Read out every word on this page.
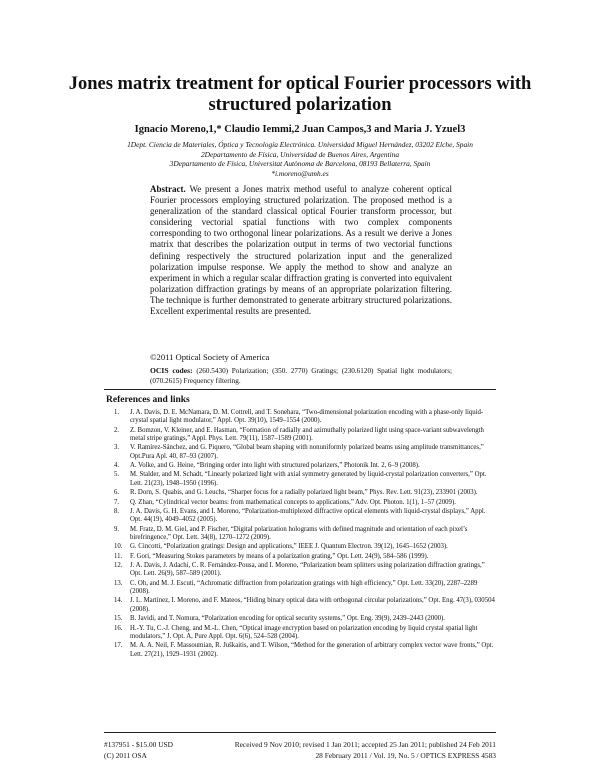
Jones matrix treatment for optical Fourier processors with structured polarization
Ignacio Moreno,1,* Claudio Iemmi,2 Juan Campos,3 and Maria J. Yzuel3
1Dept. Ciencia de Materiales, Óptica y Tecnología Electrónica. Universidad Miguel Hernández, 03202 Elche, Spain
2Departamento de Física, Universidad de Buenos Aires, Argentina
3Departamento de Física, Universitat Autònoma de Barcelona, 08193 Bellaterra, Spain
*i.moreno@umh.es
Abstract. We present a Jones matrix method useful to analyze coherent optical Fourier processors employing structured polarization. The proposed method is a generalization of the standard classical optical Fourier transform processor, but considering vectorial spatial functions with two complex components corresponding to two orthogonal linear polarizations. As a result we derive a Jones matrix that describes the polarization output in terms of two vectorial functions defining respectively the structured polarization input and the generalized polarization impulse response. We apply the method to show and analyze an experiment in which a regular scalar diffraction grating is converted into equivalent polarization diffraction gratings by means of an appropriate polarization filtering. The technique is further demonstrated to generate arbitrary structured polarizations. Excellent experimental results are presented.
©2011 Optical Society of America
OCIS codes: (260.5430) Polarization; (350. 2770) Gratings; (230.6120) Spatial light modulators; (070.2615) Frequency filtering.
References and links
1. J. A. Davis, D. E. McNamara, D. M. Cottrell, and T. Sonehara, “Two-dimensional polarization encoding with a phase-only liquid-crystal spatial light modulator,” Appl. Opt. 39(10), 1549–1554 (2000).
2. Z. Bomzon, V. Kleiner, and E. Hasman, “Formation of radially and azimuthally polarized light using space-variant subwavelength metal stripe gratings,” Appl. Phys. Lett. 79(11), 1587–1589 (2001).
3. V. Ramírez-Sánchez, and G. Piquero, “Global beam shaping with nonuniformly polarized beams using amplitude transmittances,” Opt.Pura Apl. 40, 87–93 (2007).
4. A. Volke, and G. Heine, “Bringing order into light with structured polarizers,” Photonik Int. 2, 6–9 (2008).
5. M. Stalder, and M. Schadt, “Linearly polarized light with axial symmetry generated by liquid-crystal polarization converters,” Opt. Lett. 21(23), 1948–1950 (1996).
6. R. Dorn, S. Quabis, and G. Leuchs, “Sharper focus for a radially polarized light beam,” Phys. Rev. Lett. 91(23), 233901 (2003).
7. Q. Zhan, “Cylindrical vector beams: from mathematical concepts to applications,” Adv. Opt. Photon. 1(1), 1–57 (2009).
8. J. A. Davis, G. H. Evans, and I. Moreno, “Polarization-multiplexed diffractive optical elements with liquid-crystal displays,” Appl. Opt. 44(19), 4049–4052 (2005).
9. M. Fratz, D. M. Giel, and P. Fischer, “Digital polarization holograms with defined magnitude and orientation of each pixel’s birefringence,” Opt. Lett. 34(8), 1270–1272 (2009).
10. G. Cincotti, “Polarization gratings: Design and applications,” IEEE J. Quantum Electron. 39(12), 1645–1652 (2003).
11. F. Gori, “Measuring Stokes parameters by means of a polarization grating,” Opt. Lett. 24(9), 584–586 (1999).
12. J. A. Davis, J. Adachi, C. R. Fernández-Pousa, and I. Moreno, “Polarization beam splitters using polarization diffraction gratings,” Opt. Lett. 26(9), 587–589 (2001).
13. C. Oh, and M. J. Escuti, “Achromatic diffraction from polarization gratings with high efficiency,” Opt. Lett. 33(20), 2287–2289 (2008).
14. J. L. Martínez, I. Moreno, and F. Mateos, “Hiding binary optical data with orthogonal circular polarizations,” Opt. Eng. 47(3), 030504 (2008).
15. B. Javidi, and T. Nomura, “Polarization encoding for optical security systems,” Opt. Eng. 39(9), 2439–2443 (2000).
16. H.-Y. Tu, C.-J. Cheng, and M.-L. Chen, “Optical image encryption based on polarization encoding by liquid crystal spatial light modulators,” J. Opt. A, Pure Appl. Opt. 6(6), 524–528 (2004).
17. M. A. A. Neil, F. Massoumian, R. Juškaitis, and T. Wilson, “Method for the generation of arbitrary complex vector wave fronts,” Opt. Lett. 27(21), 1929–1931 (2002).
#137951 - $15.00 USD	Received 9 Nov 2010; revised 1 Jan 2011; accepted 25 Jan 2011; published 24 Feb 2011
(C) 2011 OSA	28 February 2011 / Vol. 19, No. 5 / OPTICS EXPRESS 4583
